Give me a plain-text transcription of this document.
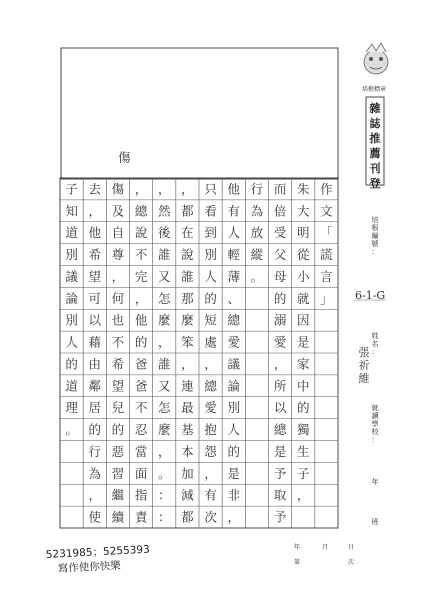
傷
培根標章
雜
誌
推
薦
刊
登
作
文
「
謊
言
」
朱
大
明
從
小
就
因
是
家
中
的
獨
生
子
，
而
倍
受
父
母
的
溺
愛
，
所
以
總
是
予
取
予
行
為
放
縱
。
他
有
人
輕
薄
、
總
愛
議
論
別
人
的
是
非
，
只
看
到
別
人
的
短
處
，
總
愛
抱
怨
，
有
次
，
都
在
說
誰
那
麼
笨
，
連
最
基
本
加
減
都
，
然
後
誰
又
怎
麼
，
誰
又
怎
麼
，
。
：
：
，
總
說
不
完
，
他
的
爸
爸
不
忍
當
面
指
責
傷
及
自
尊
，
何
也
不
希
望
兒
的
惡
習
繼
續
去
，
他
希
望
可
以
藉
由
鄰
居
的
行
為
，
使
子
知
道
別
議
論
別
人
的
道
理
。
培
根
編
號
：
姓
名
：
就
讀
學
校
：
年
班
張
祈
維
6-1-G
5231985；5255393
寫作使你快樂
年	月	日
第	次
